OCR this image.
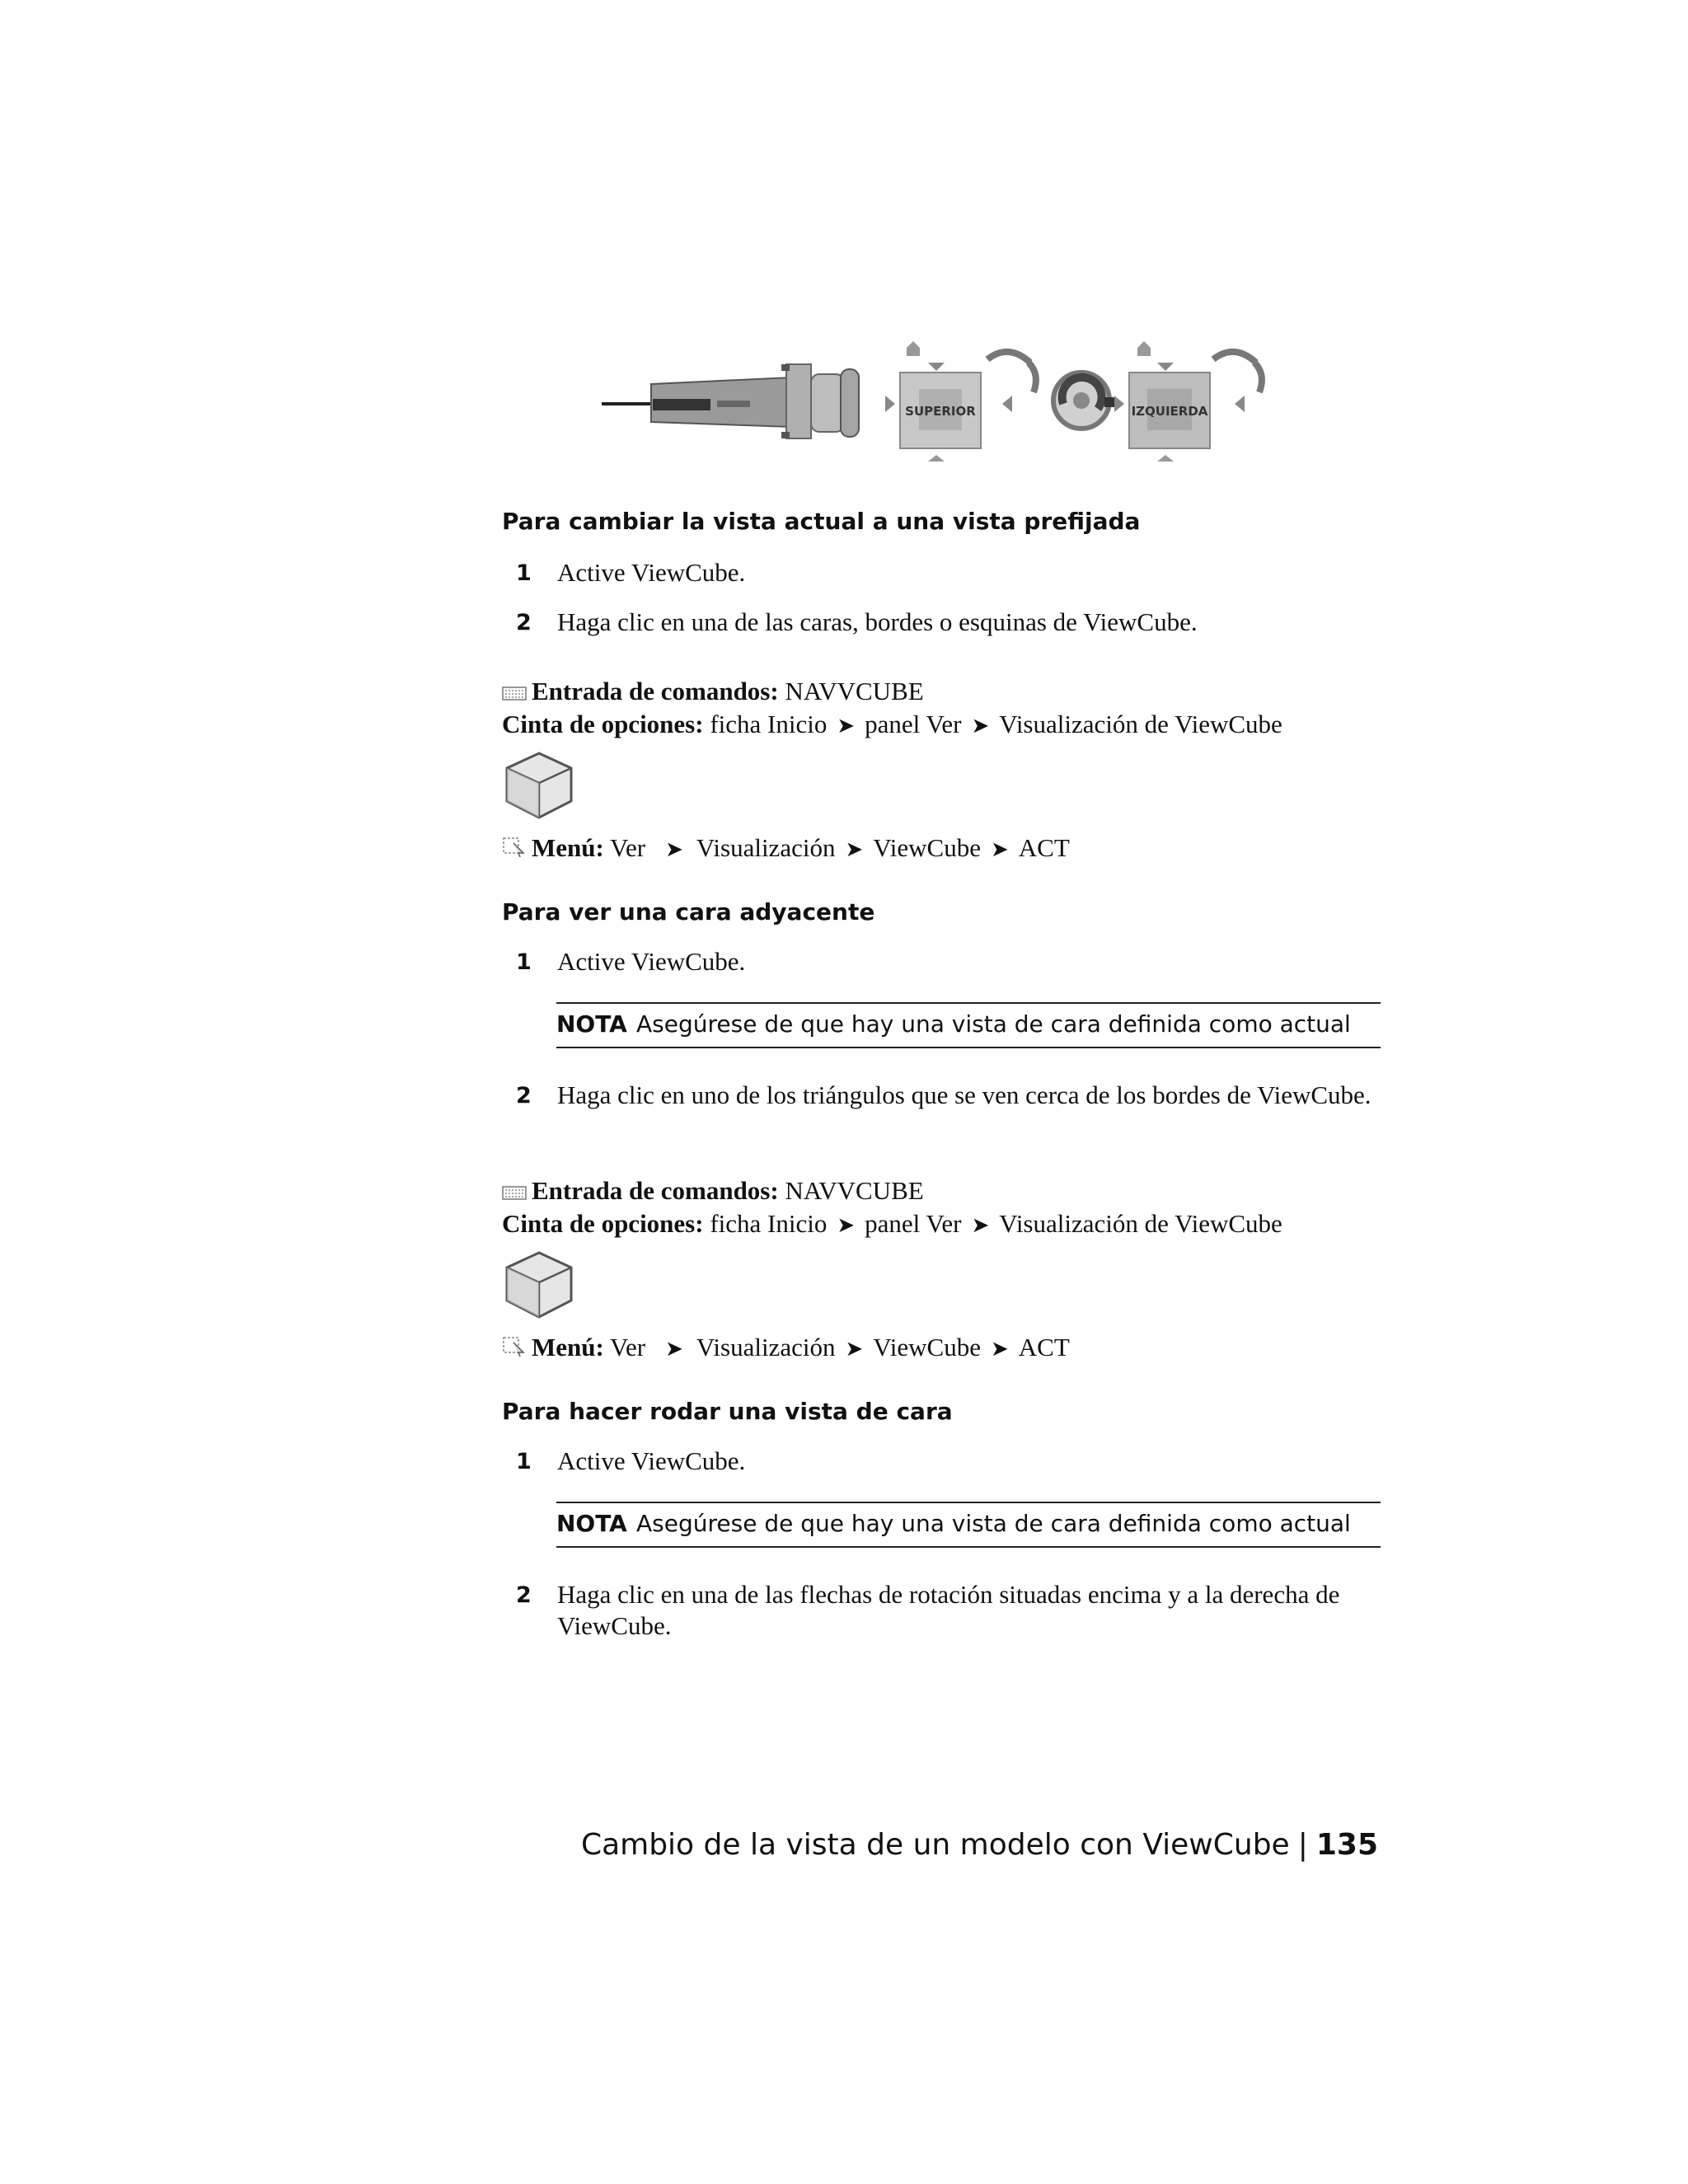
SUPERIOR	IZQUIERDA
Para cambiar la vista actual a una vista prefijada
1 Active ViewCube.
2 Haga clic en una de las caras, bordes o esquinas de ViewCube.
Entrada de comandos: NAVVCUBE
Cinta de opciones: ficha Inicio ➤ panel Ver ➤ Visualización de ViewCube
Menú: Ver ➤ Visualización ➤ ViewCube ➤ ACT
Para ver una cara adyacente
1 Active ViewCube.
NOTA Asegúrese de que hay una vista de cara definida como actual
2 Haga clic en uno de los triángulos que se ven cerca de los bordes de ViewCube.
Entrada de comandos: NAVVCUBE
Cinta de opciones: ficha Inicio ➤ panel Ver ➤ Visualización de ViewCube
Menú: Ver ➤ Visualización ➤ ViewCube ➤ ACT
Para hacer rodar una vista de cara
1 Active ViewCube.
NOTA Asegúrese de que hay una vista de cara definida como actual
2 Haga clic en una de las flechas de rotación situadas encima y a la derecha de ViewCube.
Cambio de la vista de un modelo con ViewCube | 135
